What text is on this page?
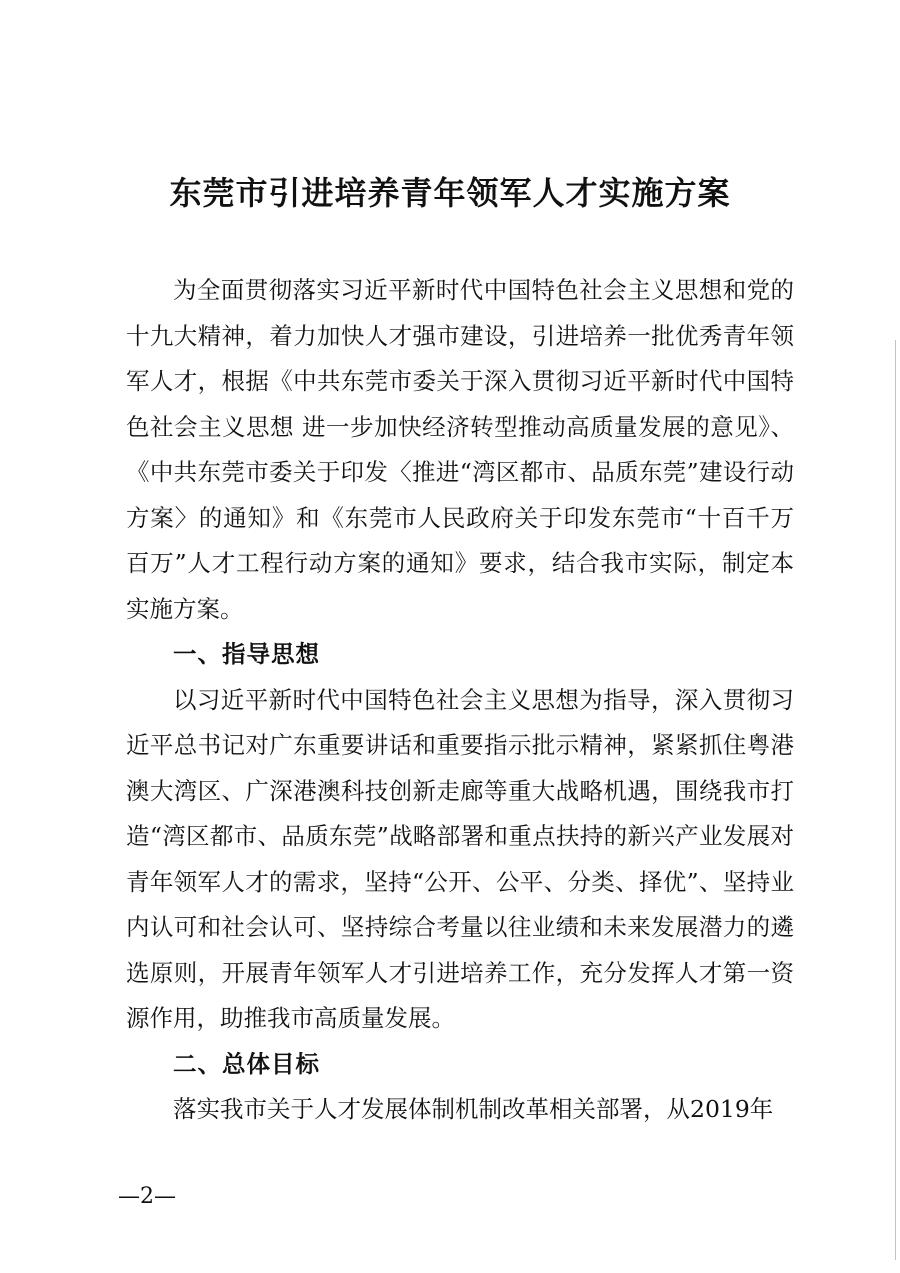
东莞市引进培养青年领军人才实施方案

为全面贯彻落实习近平新时代中国特色社会主义思想和党的十九大精神，着力加快人才强市建设，引进培养一批优秀青年领军人才，根据《中共东莞市委关于深入贯彻习近平新时代中国特色社会主义思想 进一步加快经济转型推动高质量发展的意见》、《中共东莞市委关于印发〈推进“湾区都市、品质东莞”建设行动方案〉的通知》和《东莞市人民政府关于印发东莞市“十百千万百万”人才工程行动方案的通知》要求，结合我市实际，制定本实施方案。

一、指导思想

以习近平新时代中国特色社会主义思想为指导，深入贯彻习近平总书记对广东重要讲话和重要指示批示精神，紧紧抓住粤港澳大湾区、广深港澳科技创新走廊等重大战略机遇，围绕我市打造“湾区都市、品质东莞”战略部署和重点扶持的新兴产业发展对青年领军人才的需求，坚持“公开、公平、分类、择优”、坚持业内认可和社会认可、坚持综合考量以往业绩和未来发展潜力的遴选原则，开展青年领军人才引进培养工作，充分发挥人才第一资源作用，助推我市高质量发展。

二、总体目标

落实我市关于人才发展体制机制改革相关部署，从2019年

—2—
